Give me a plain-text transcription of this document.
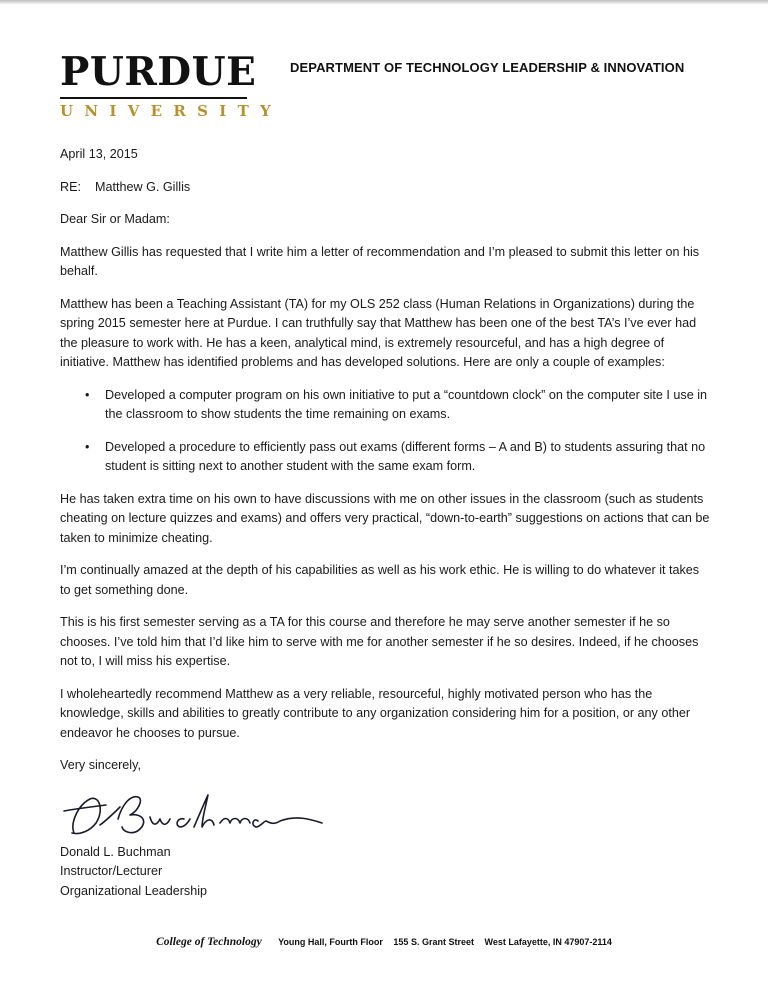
PURDUE
UNIVERSITY
DEPARTMENT OF TECHNOLOGY LEADERSHIP & INNOVATION

April 13, 2015

RE:    Matthew G. Gillis

Dear Sir or Madam:

Matthew Gillis has requested that I write him a letter of recommendation and I’m pleased to submit this letter on his behalf.

Matthew has been a Teaching Assistant (TA) for my OLS 252 class (Human Relations in Organizations) during the spring 2015 semester here at Purdue. I can truthfully say that Matthew has been one of the best TA’s I’ve ever had the pleasure to work with. He has a keen, analytical mind, is extremely resourceful, and has a high degree of initiative. Matthew has identified problems and has developed solutions. Here are only a couple of examples:

• Developed a computer program on his own initiative to put a “countdown clock” on the computer site I use in the classroom to show students the time remaining on exams.
• Developed a procedure to efficiently pass out exams (different forms – A and B) to students assuring that no student is sitting next to another student with the same exam form.

He has taken extra time on his own to have discussions with me on other issues in the classroom (such as students cheating on lecture quizzes and exams) and offers very practical, “down-to-earth” suggestions on actions that can be taken to minimize cheating.

I’m continually amazed at the depth of his capabilities as well as his work ethic. He is willing to do whatever it takes to get something done.

This is his first semester serving as a TA for this course and therefore he may serve another semester if he so chooses. I’ve told him that I’d like him to serve with me for another semester if he so desires. Indeed, if he chooses not to, I will miss his expertise.

I wholeheartedly recommend Matthew as a very reliable, resourceful, highly motivated person who has the knowledge, skills and abilities to greatly contribute to any organization considering him for a position, or any other endeavor he chooses to pursue.

Very sincerely,

Donald L. Buchman
Instructor/Lecturer
Organizational Leadership
College of Technology Young Hall, Fourth Floor 155 S. Grant Street West Lafayette, IN 47907-2114
